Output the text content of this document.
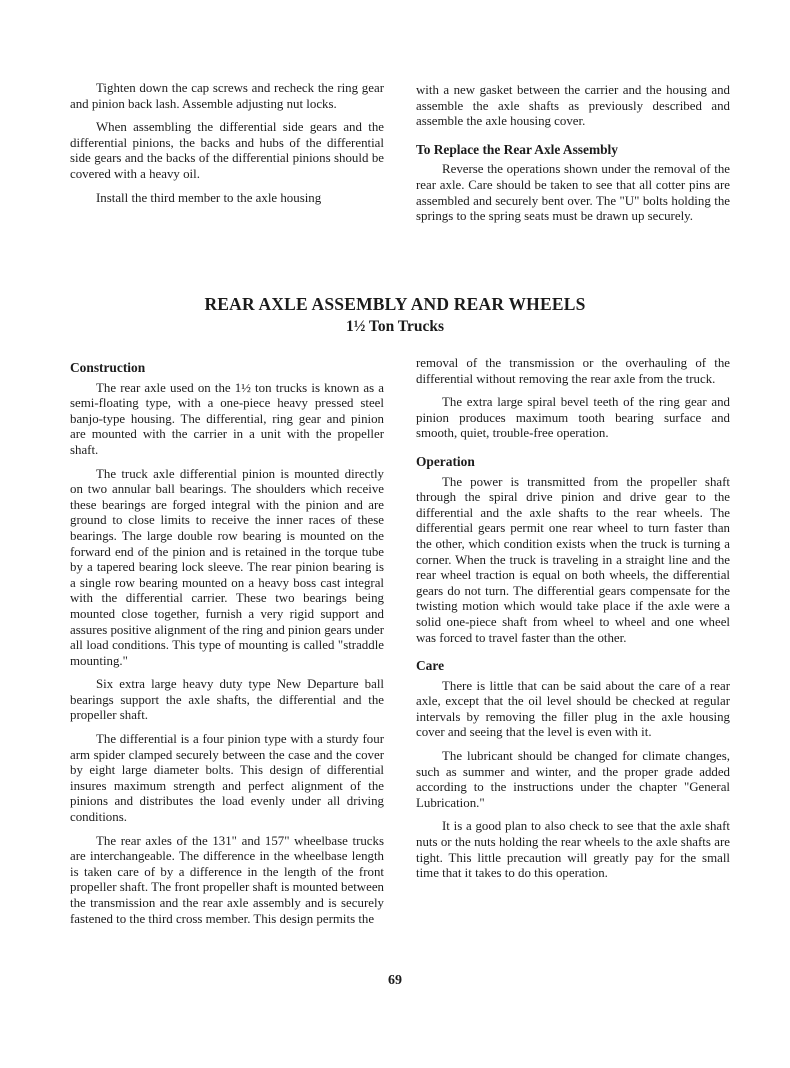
Tighten down the cap screws and recheck the ring gear and pinion back lash. Assemble adjusting nut locks.

When assembling the differential side gears and the differential pinions, the backs and hubs of the differential side gears and the backs of the differential pinions should be covered with a heavy oil.

Install the third member to the axle housing

with a new gasket between the carrier and the housing and assemble the axle shafts as previously described and assemble the axle housing cover.

To Replace the Rear Axle Assembly

Reverse the operations shown under the removal of the rear axle. Care should be taken to see that all cotter pins are assembled and securely bent over. The "U" bolts holding the springs to the spring seats must be drawn up securely.

REAR AXLE ASSEMBLY AND REAR WHEELS
1½ Ton Trucks
Construction

The rear axle used on the 1½ ton trucks is known as a semi-floating type, with a one-piece heavy pressed steel banjo-type housing. The differential, ring gear and pinion are mounted with the carrier in a unit with the propeller shaft.

The truck axle differential pinion is mounted directly on two annular ball bearings. The shoulders which receive these bearings are forged integral with the pinion and are ground to close limits to receive the inner races of these bearings. The large double row bearing is mounted on the forward end of the pinion and is retained in the torque tube by a tapered bearing lock sleeve. The rear pinion bearing is a single row bearing mounted on a heavy boss cast integral with the differential carrier. These two bearings being mounted close together, furnish a very rigid support and assures positive alignment of the ring and pinion gears under all load conditions. This type of mounting is called "straddle mounting."

Six extra large heavy duty type New Departure ball bearings support the axle shafts, the differential and the propeller shaft.

The differential is a four pinion type with a sturdy four arm spider clamped securely between the case and the cover by eight large diameter bolts. This design of differential insures maximum strength and perfect alignment of the pinions and distributes the load evenly under all driving conditions.

The rear axles of the 131" and 157" wheelbase trucks are interchangeable. The difference in the wheelbase length is taken care of by a difference in the length of the front propeller shaft. The front propeller shaft is mounted between the transmission and the rear axle assembly and is securely fastened to the third cross member. This design permits the

removal of the transmission or the overhauling of the differential without removing the rear axle from the truck.

The extra large spiral bevel teeth of the ring gear and pinion produces maximum tooth bearing surface and smooth, quiet, trouble-free operation.

Operation

The power is transmitted from the propeller shaft through the spiral drive pinion and drive gear to the differential and the axle shafts to the rear wheels. The differential gears permit one rear wheel to turn faster than the other, which condition exists when the truck is turning a corner. When the truck is traveling in a straight line and the rear wheel traction is equal on both wheels, the differential gears do not turn. The differential gears compensate for the twisting motion which would take place if the axle were a solid one-piece shaft from wheel to wheel and one wheel was forced to travel faster than the other.

Care

There is little that can be said about the care of a rear axle, except that the oil level should be checked at regular intervals by removing the filler plug in the axle housing cover and seeing that the level is even with it.

The lubricant should be changed for climate changes, such as summer and winter, and the proper grade added according to the instructions under the chapter "General Lubrication."

It is a good plan to also check to see that the axle shaft nuts or the nuts holding the rear wheels to the axle shafts are tight. This little precaution will greatly pay for the small time that it takes to do this operation.

69
